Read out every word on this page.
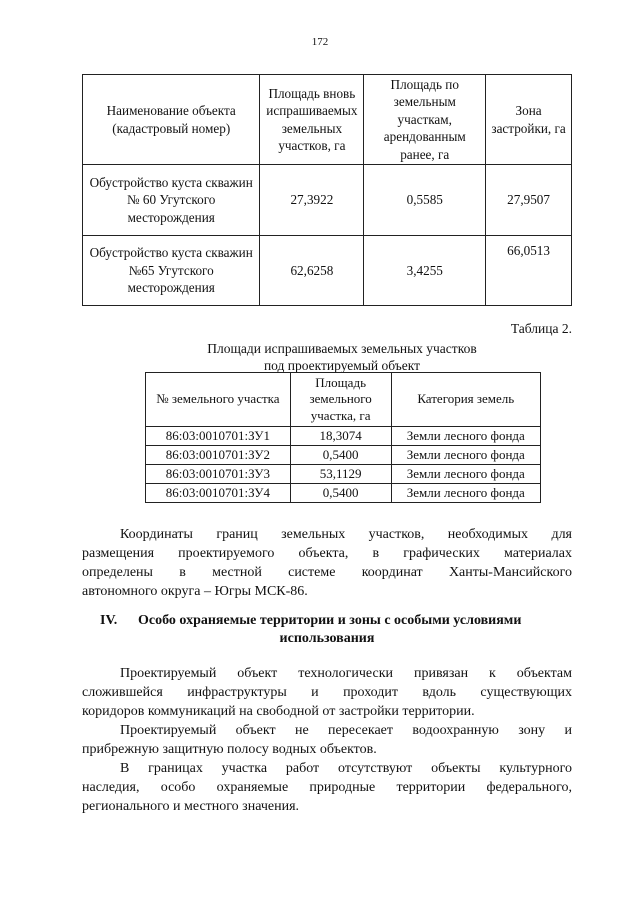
172
Наименование объекта (кадастровый номер)	Площадь вновь испрашиваемых земельных участков, га	Площадь по земельным участкам, арендованным ранее, га	Зона застройки, га
Обустройство куста скважин № 60 Угутского месторождения	27,3922	0,5585	27,9507
Обустройство куста скважин №65 Угутского месторождения	62,6258	3,4255	66,0513
Таблица 2.
Площади испрашиваемых земельных участков
под проектируемый объект
№ земельного участка	Площадь земельного участка, га	Категория земель
86:03:0010701:ЗУ1	18,3074	Земли лесного фонда
86:03:0010701:ЗУ2	0,5400	Земли лесного фонда
86:03:0010701:ЗУ3	53,1129	Земли лесного фонда
86:03:0010701:ЗУ4	0,5400	Земли лесного фонда
Координаты границ земельных участков, необходимых для
размещения проектируемого объекта, в графических материалах
определены в местной системе координат Ханты-Мансийского
автономного округа – Югры МСК-86.
IV. Особо охраняемые территории и зоны с особыми условиями
использования
Проектируемый объект технологически привязан к объектам
сложившейся инфраструктуры и проходит вдоль существующих
коридоров коммуникаций на свободной от застройки территории.
Проектируемый объект не пересекает водоохранную зону и
прибрежную защитную полосу водных объектов.
В границах участка работ отсутствуют объекты культурного
наследия, особо охраняемые природные территории федерального,
регионального и местного значения.
